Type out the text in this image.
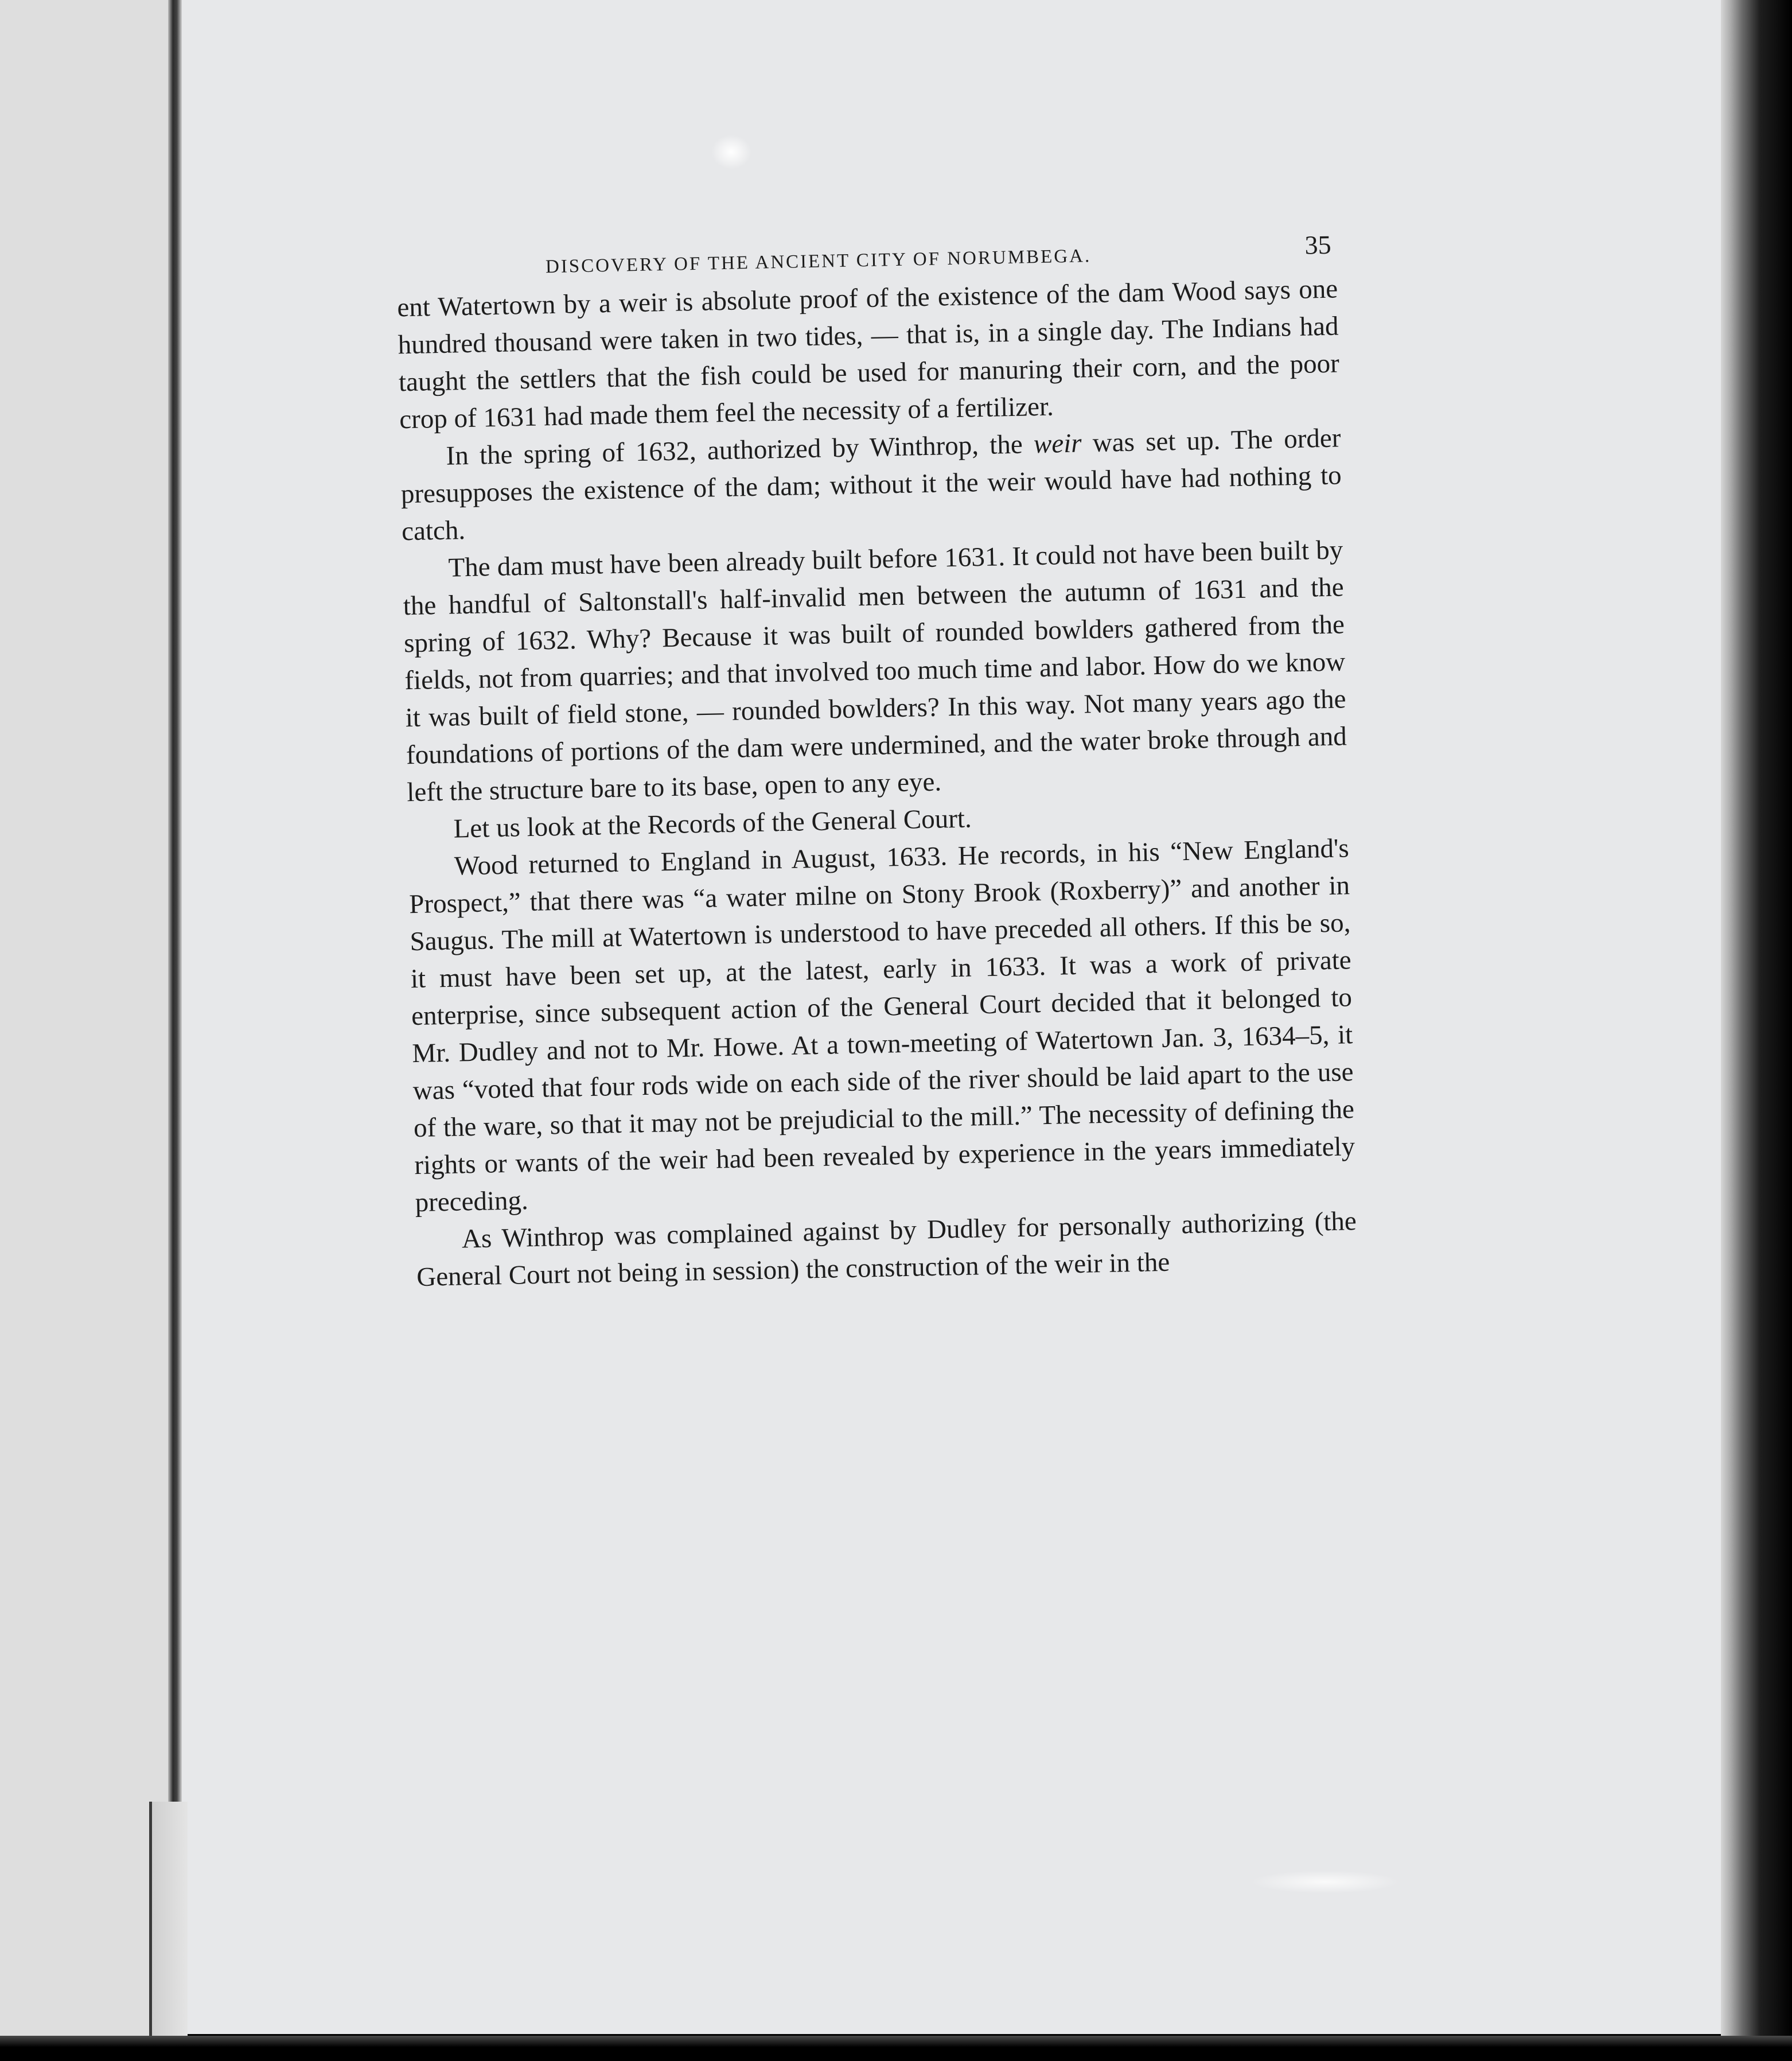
DISCOVERY OF THE ANCIENT CITY OF NORUMBEGA.
35

ent Watertown by a weir is absolute proof of the existence of the dam Wood says one hundred thousand were taken in two tides, — that is, in a single day. The Indians had taught the settlers that the fish could be used for manuring their corn, and the poor crop of 1631 had made them feel the necessity of a fertilizer.

In the spring of 1632, authorized by Winthrop, the weir was set up. The order presupposes the existence of the dam; without it the weir would have had nothing to catch.

The dam must have been already built before 1631. It could not have been built by the handful of Saltonstall's half-invalid men between the autumn of 1631 and the spring of 1632. Why? Because it was built of rounded bowlders gathered from the fields, not from quarries; and that involved too much time and labor. How do we know it was built of field stone, — rounded bowlders? In this way. Not many years ago the foundations of portions of the dam were undermined, and the water broke through and left the structure bare to its base, open to any eye.

Let us look at the Records of the General Court.

Wood returned to England in August, 1633. He records, in his “New England's Prospect,” that there was “a water milne on Stony Brook (Roxberry)” and another in Saugus. The mill at Watertown is understood to have preceded all others. If this be so, it must have been set up, at the latest, early in 1633. It was a work of private enterprise, since subsequent action of the General Court decided that it belonged to Mr. Dudley and not to Mr. Howe. At a town-meeting of Watertown Jan. 3, 1634–5, it was “voted that four rods wide on each side of the river should be laid apart to the use of the ware, so that it may not be prejudicial to the mill.” The necessity of defining the rights or wants of the weir had been revealed by experience in the years immediately preceding.

As Winthrop was complained against by Dudley for personally authorizing (the General Court not being in session) the construction of the weir in the
